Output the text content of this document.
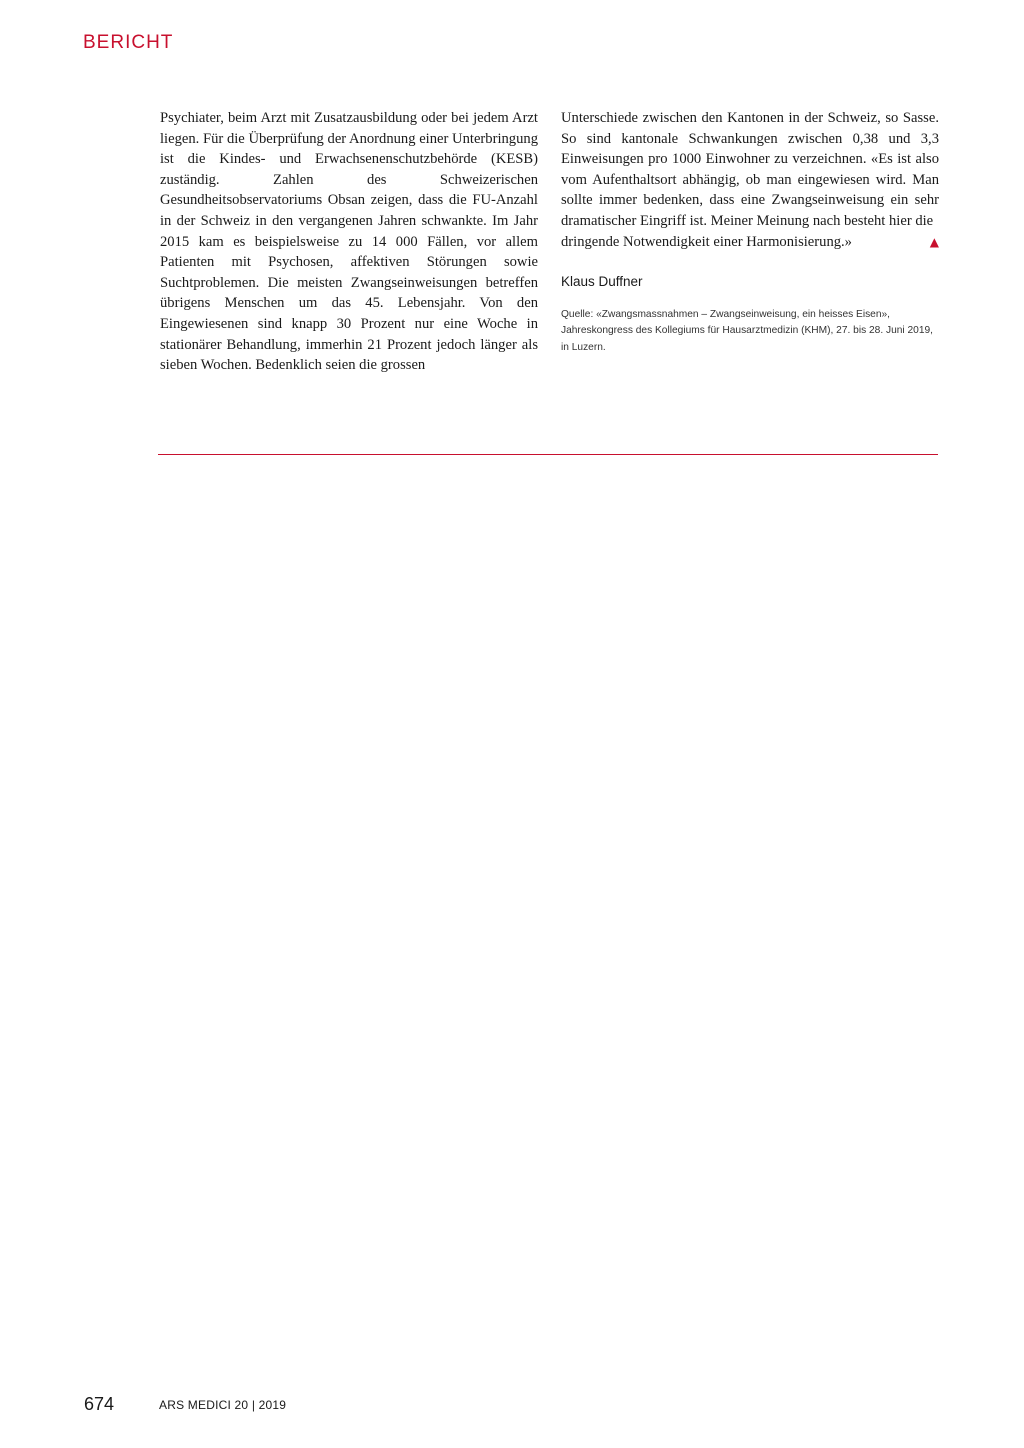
BERICHT

Psychiater, beim Arzt mit Zusatzausbildung oder bei jedem Arzt liegen. Für die Überprüfung der Anordnung einer Unterbringung ist die Kindes- und Erwachsenenschutzbehörde (KESB) zuständig. Zahlen des Schweizerischen Gesundheitsobservatoriums Obsan zeigen, dass die FU-Anzahl in der Schweiz in den vergangenen Jahren schwankte. Im Jahr 2015 kam es beispielsweise zu 14 000 Fällen, vor allem Patienten mit Psychosen, affektiven Störungen sowie Suchtproblemen. Die meisten Zwangseinweisungen betreffen übrigens Menschen um das 45. Lebensjahr. Von den Eingewiesenen sind knapp 30 Prozent nur eine Woche in stationärer Behandlung, immerhin 21 Prozent jedoch länger als sieben Wochen. Bedenklich seien die grossen

Unterschiede zwischen den Kantonen in der Schweiz, so Sasse. So sind kantonale Schwankungen zwischen 0,38 und 3,3 Einweisungen pro 1000 Einwohner zu verzeichnen. «Es ist also vom Aufenthaltsort abhängig, ob man eingewiesen wird. Man sollte immer bedenken, dass eine Zwangseinweisung ein sehr dramatischer Eingriff ist. Meiner Meinung nach besteht hier die

dringende Notwendigkeit einer Harmonisierung.»	▲
Klaus Duffner
Quelle: «Zwangsmassnahmen – Zwangseinweisung, ein heisses Eisen», Jahreskongress des Kollegiums für Hausarztmedizin (KHM), 27. bis 28. Juni 2019, in Luzern.
674	ARS MEDICI 20 | 2019
